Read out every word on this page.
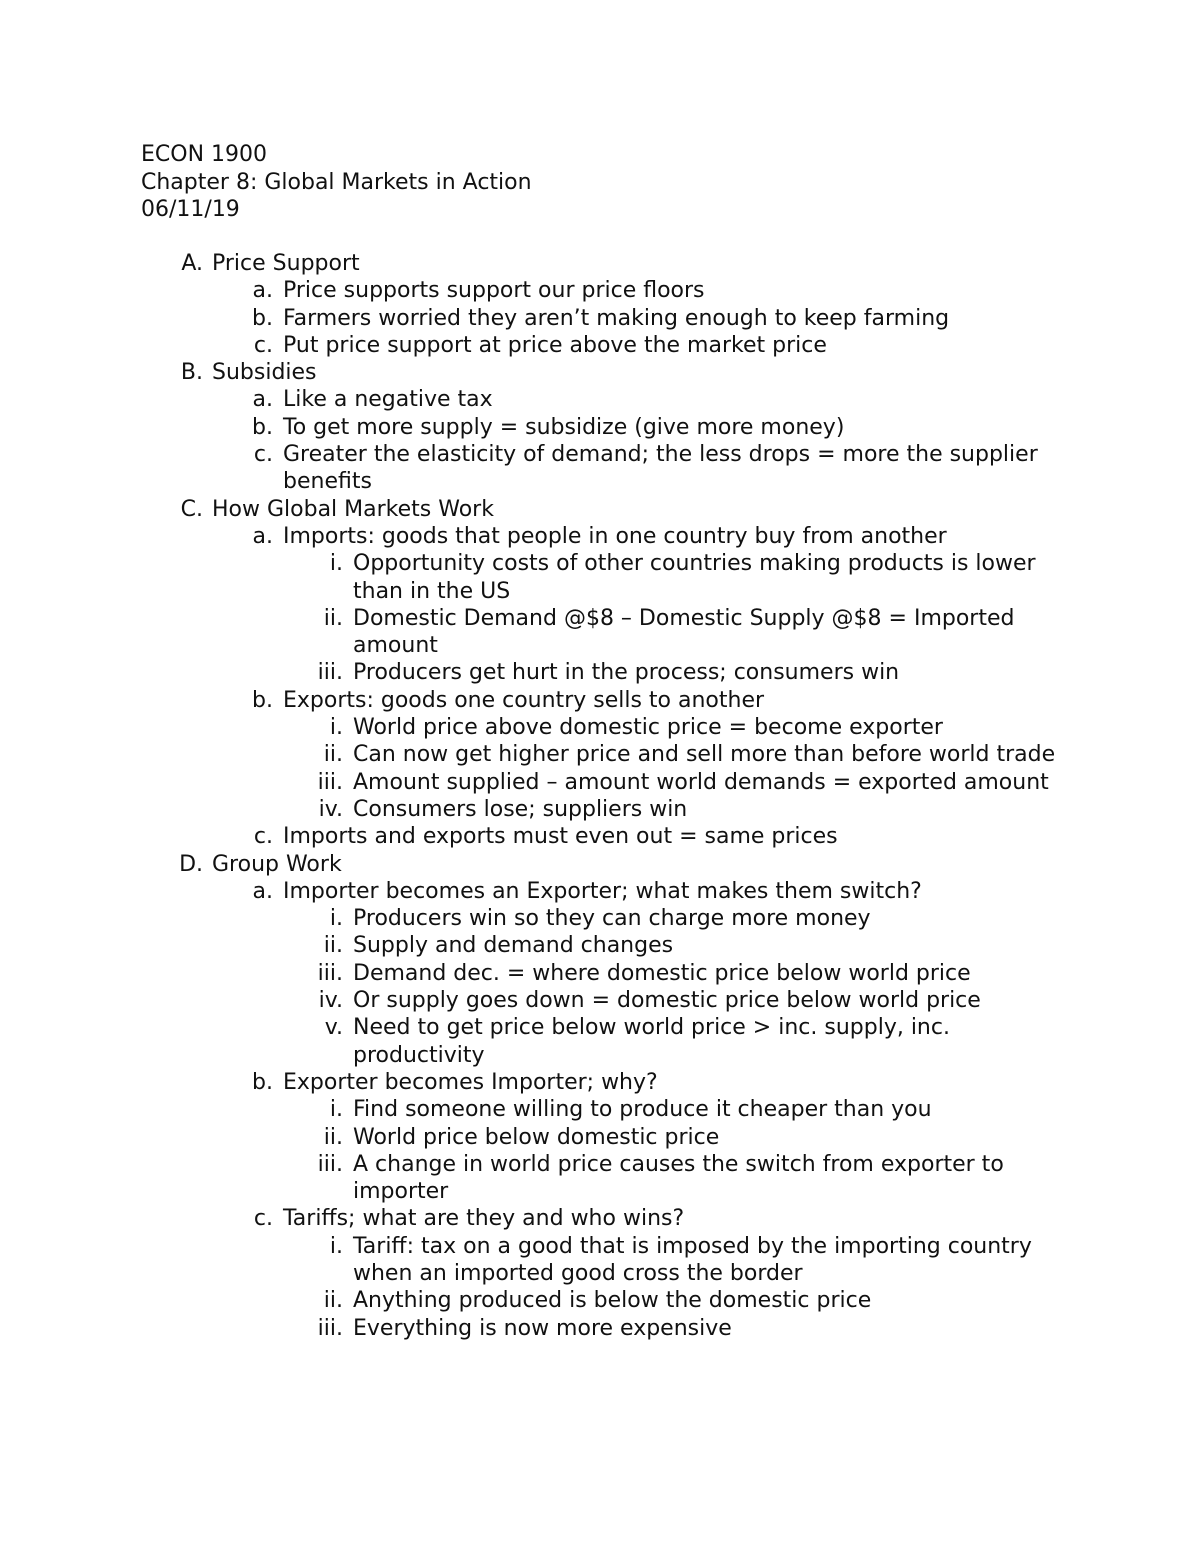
ECON 1900
Chapter 8: Global Markets in Action
06/11/19
A. Price Support
a. Price supports support our price floors
b. Farmers worried they aren’t making enough to keep farming
c. Put price support at price above the market price
B. Subsidies
a. Like a negative tax
b. To get more supply = subsidize (give more money)
c. Greater the elasticity of demand; the less drops = more the supplier benefits
C. How Global Markets Work
a. Imports: goods that people in one country buy from another
i. Opportunity costs of other countries making products is lower than in the US
ii. Domestic Demand @$8 – Domestic Supply @$8 = Imported amount
iii. Producers get hurt in the process; consumers win
b. Exports: goods one country sells to another
i. World price above domestic price = become exporter
ii. Can now get higher price and sell more than before world trade
iii. Amount supplied – amount world demands = exported amount
iv. Consumers lose; suppliers win
c. Imports and exports must even out = same prices
D. Group Work
a. Importer becomes an Exporter; what makes them switch?
i. Producers win so they can charge more money
ii. Supply and demand changes
iii. Demand dec. = where domestic price below world price
iv. Or supply goes down = domestic price below world price
v. Need to get price below world price > inc. supply, inc. productivity
b. Exporter becomes Importer; why?
i. Find someone willing to produce it cheaper than you
ii. World price below domestic price
iii. A change in world price causes the switch from exporter to importer
c. Tariffs; what are they and who wins?
i. Tariff: tax on a good that is imposed by the importing country when an imported good cross the border
ii. Anything produced is below the domestic price
iii. Everything is now more expensive
